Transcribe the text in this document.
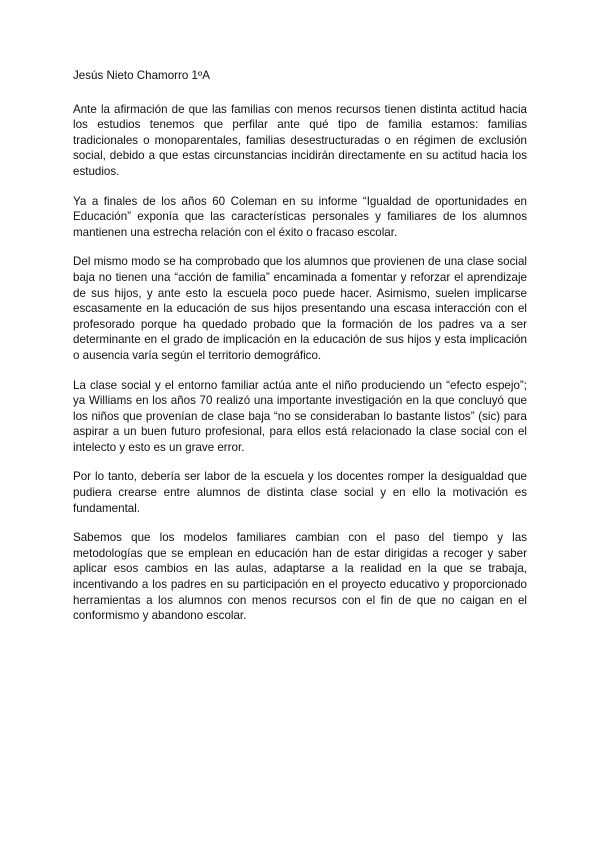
Jesús Nieto Chamorro 1ºA

Ante la afirmación de que las familias con menos recursos tienen distinta actitud hacia los estudios tenemos que perfilar ante qué tipo de familia estamos: familias tradicionales o monoparentales, familias desestructuradas o en régimen de exclusión social, debido a que estas circunstancias incidirán directamente en su actitud hacia los estudios.

Ya a finales de los años 60 Coleman en su informe “Igualdad de oportunidades en Educación” exponía que las características personales y familiares de los alumnos mantienen una estrecha relación con el éxito o fracaso escolar.

Del mismo modo se ha comprobado que los alumnos que provienen de una clase social baja no tienen una “acción de familia” encaminada a fomentar y reforzar el aprendizaje de sus hijos, y ante esto la escuela poco puede hacer. Asimismo, suelen implicarse escasamente en la educación de sus hijos presentando una escasa interacción con el profesorado porque ha quedado probado que la formación de los padres va a ser determinante en el grado de implicación en la educación de sus hijos y esta implicación o ausencia varía según el territorio demográfico.

La clase social y el entorno familiar actúa ante el niño produciendo un “efecto espejo”; ya Williams en los años 70 realizó una importante investigación en la que concluyó que los niños que provenían de clase baja “no se consideraban lo bastante listos” (sic) para aspirar a un buen futuro profesional, para ellos está relacionado la clase social con el intelecto y esto es un grave error.

Por lo tanto, debería ser labor de la escuela y los docentes romper la desigualdad que pudiera crearse entre alumnos de distinta clase social y en ello la motivación es fundamental.

Sabemos que los modelos familiares cambian con el paso del tiempo y las metodologías que se emplean en educación han de estar dirigidas a recoger y saber aplicar esos cambios en las aulas, adaptarse a la realidad en la que se trabaja, incentivando a los padres en su participación en el proyecto educativo y proporcionado herramientas a los alumnos con menos recursos con el fin de que no caigan en el conformismo y abandono escolar.
